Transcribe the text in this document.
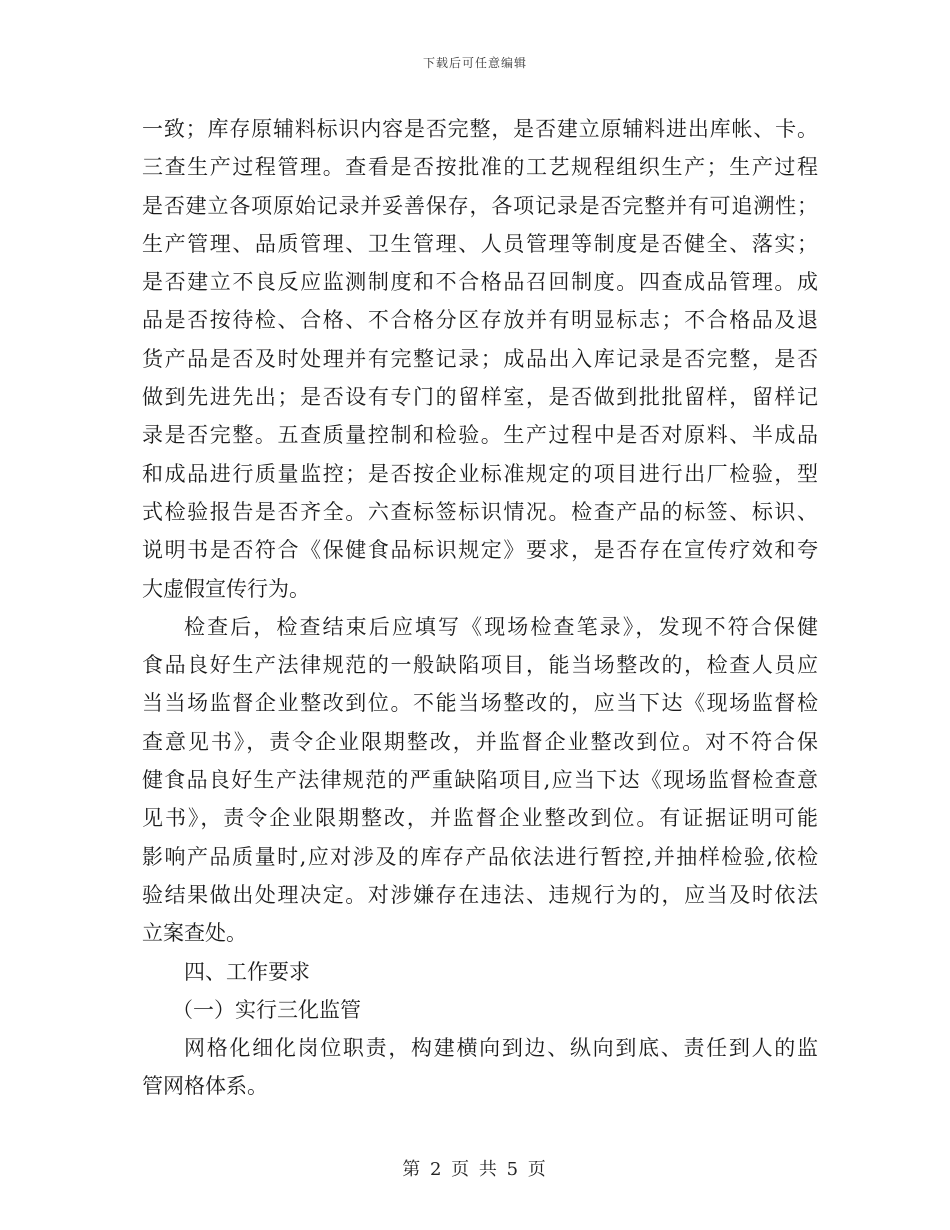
下载后可任意编辑
一致；库存原辅料标识内容是否完整，是否建立原辅料进出库帐、卡。
三查生产过程管理。查看是否按批准的工艺规程组织生产；生产过程
是否建立各项原始记录并妥善保存，各项记录是否完整并有可追溯性；
生产管理、品质管理、卫生管理、人员管理等制度是否健全、落实；
是否建立不良反应监测制度和不合格品召回制度。四查成品管理。成
品是否按待检、合格、不合格分区存放并有明显标志；不合格品及退
货产品是否及时处理并有完整记录；成品出入库记录是否完整，是否
做到先进先出；是否设有专门的留样室，是否做到批批留样，留样记
录是否完整。五查质量控制和检验。生产过程中是否对原料、半成品
和成品进行质量监控；是否按企业标准规定的项目进行出厂检验，型
式检验报告是否齐全。六查标签标识情况。检查产品的标签、标识、
说明书是否符合《保健食品标识规定》要求，是否存在宣传疗效和夸
大虚假宣传行为。
检查后，检查结束后应填写《现场检查笔录》，发现不符合保健
食品良好生产法律规范的一般缺陷项目，能当场整改的，检查人员应
当当场监督企业整改到位。不能当场整改的，应当下达《现场监督检
查意见书》，责令企业限期整改，并监督企业整改到位。对不符合保
健食品良好生产法律规范的严重缺陷项目,应当下达《现场监督检查意
见书》，责令企业限期整改，并监督企业整改到位。有证据证明可能
影响产品质量时,应对涉及的库存产品依法进行暂控,并抽样检验,依检
验结果做出处理决定。对涉嫌存在违法、违规行为的，应当及时依法
立案查处。
四、工作要求
（一）实行三化监管
网格化细化岗位职责，构建横向到边、纵向到底、责任到人的监
管网格体系。
第 2 页 共 5 页
